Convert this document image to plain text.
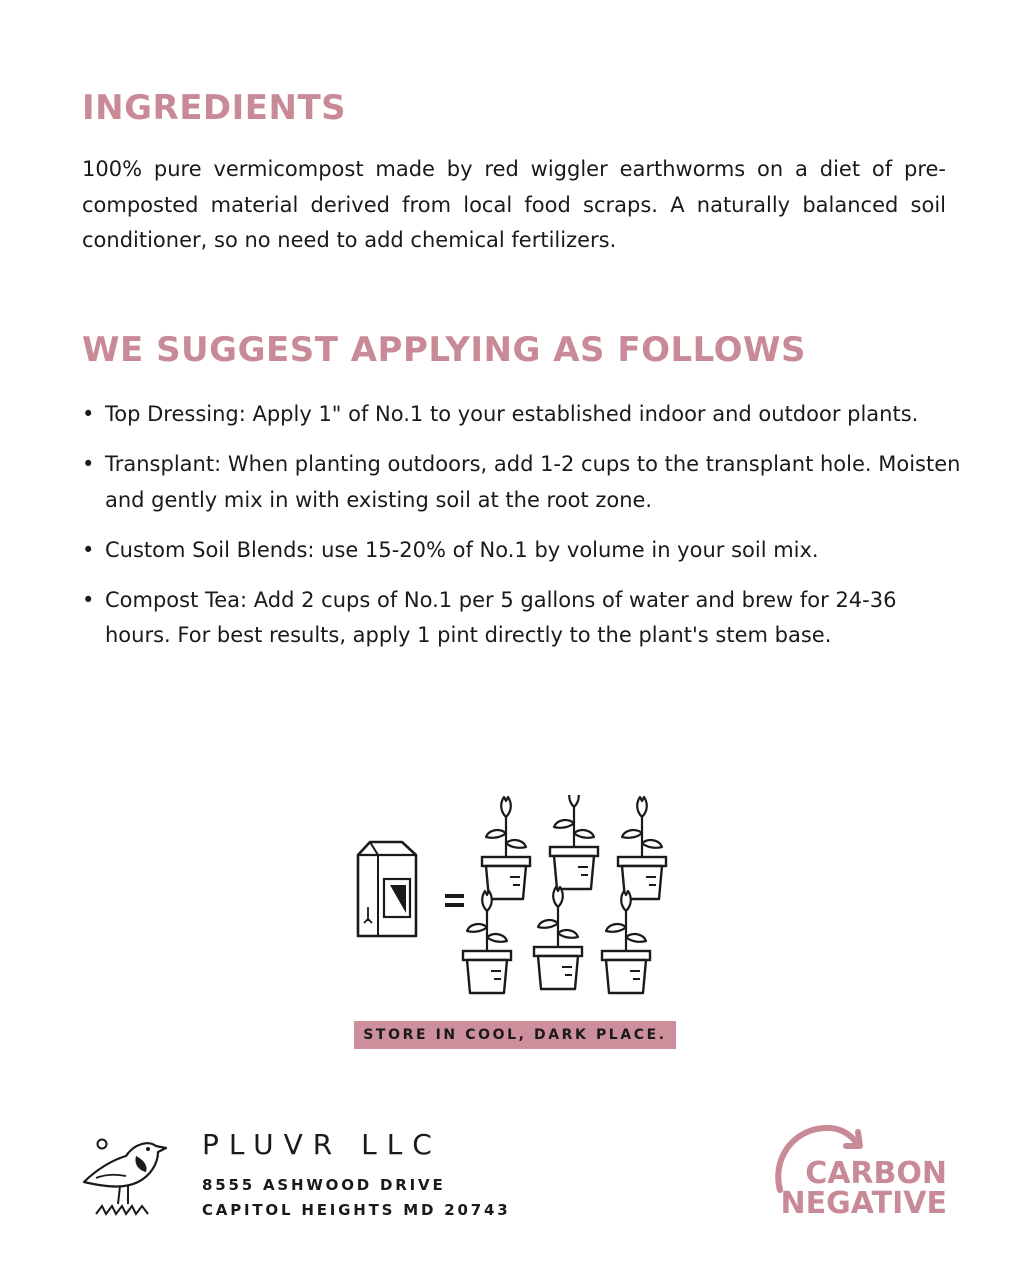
INGREDIENTS

100% pure vermicompost made by red wiggler earthworms on a diet of pre-composted material derived from local food scraps. A naturally balanced soil conditioner, so no need to add chemical fertilizers.

WE SUGGEST APPLYING AS FOLLOWS
• Top Dressing: Apply 1" of No.1 to your established indoor and outdoor plants.
• Transplant: When planting outdoors, add 1-2 cups to the transplant hole. Moisten and gently mix in with existing soil at the root zone.
• Custom Soil Blends: use 15-20% of No.1 by volume in your soil mix.
• Compost Tea: Add 2 cups of No.1 per 5 gallons of water and brew for 24-36 hours. For best results, apply 1 pint directly to the plant's stem base.
STORE IN COOL, DARK PLACE.

PLUVR LLC

8555 ASHWOOD DRIVE

CAPITOL HEIGHTS MD 20743

CARBON

NEGATIVE
